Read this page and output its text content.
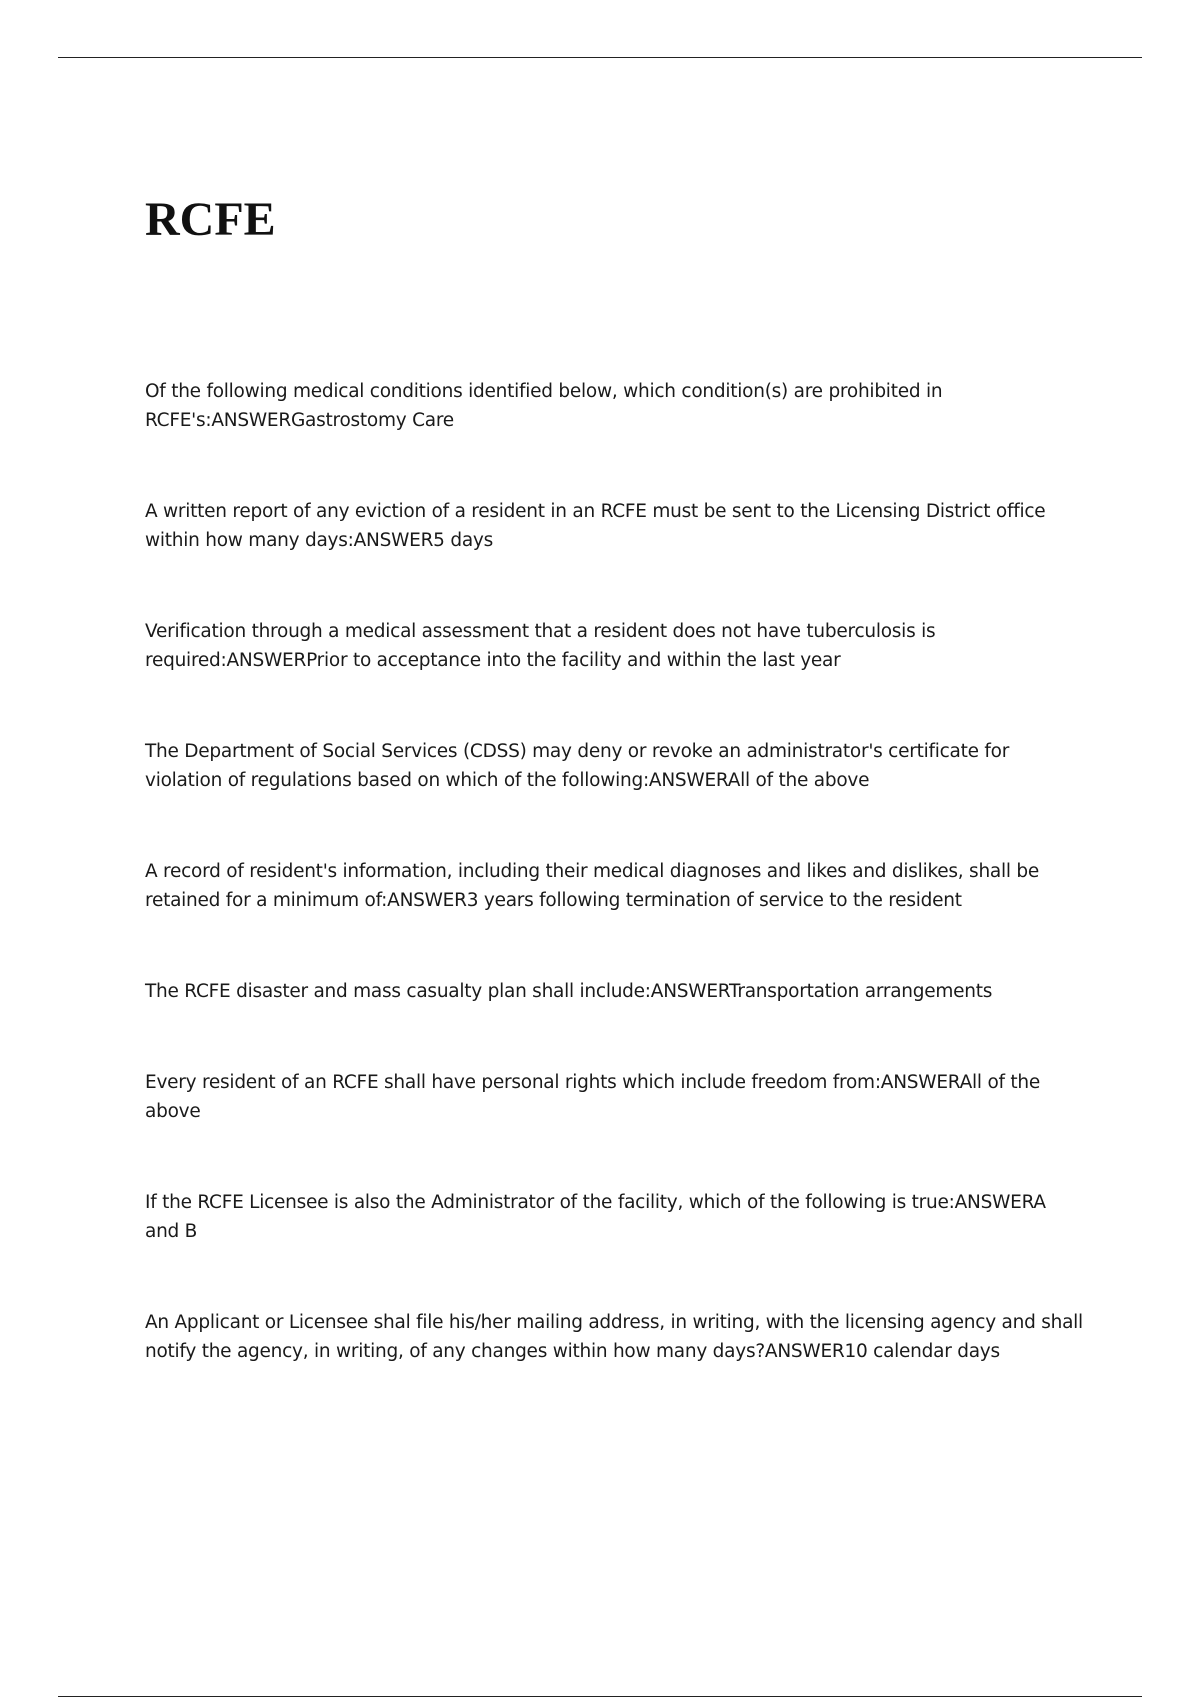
RCFE

Of the following medical conditions identified below, which condition(s) are prohibited in RCFE's:ANSWERGastrostomy Care

A written report of any eviction of a resident in an RCFE must be sent to the Licensing District office within how many days:ANSWER5 days

Verification through a medical assessment that a resident does not have tuberculosis is required:ANSWERPrior to acceptance into the facility and within the last year

The Department of Social Services (CDSS) may deny or revoke an administrator's certificate for violation of regulations based on which of the following:ANSWERAll of the above

A record of resident's information, including their medical diagnoses and likes and dislikes, shall be retained for a minimum of:ANSWER3 years following termination of service to the resident

The RCFE disaster and mass casualty plan shall include:ANSWERTransportation arrangements

Every resident of an RCFE shall have personal rights which include freedom from:ANSWERAll of the above

If the RCFE Licensee is also the Administrator of the facility, which of the following is true:ANSWERA and B

An Applicant or Licensee shal file his/her mailing address, in writing, with the licensing agency and shall notify the agency, in writing, of any changes within how many days?ANSWER10 calendar days
